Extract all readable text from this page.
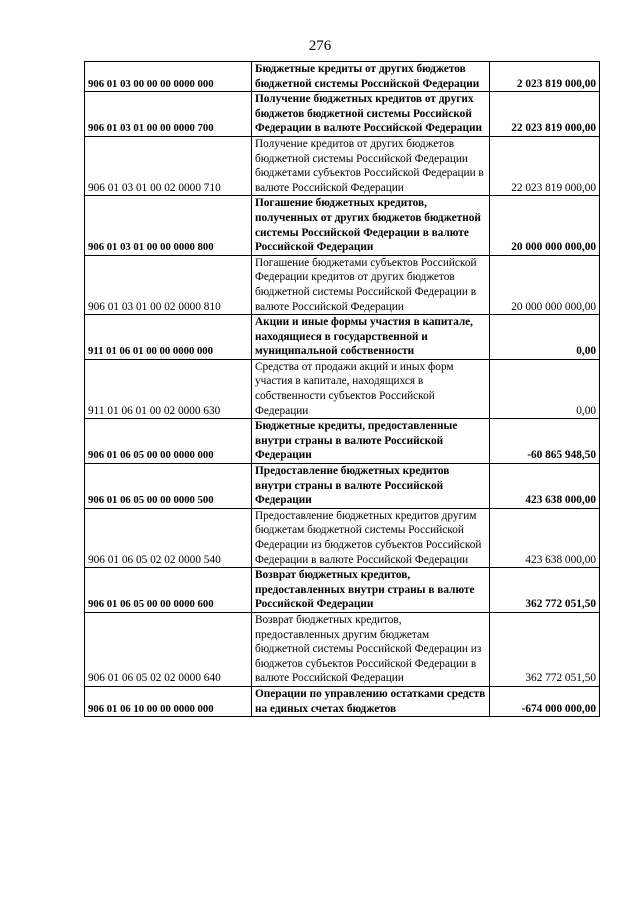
276
906 01 03 00 00 00 0000 000	Бюджетные кредиты от других бюджетов бюджетной системы Российской Федерации	2 023 819 000,00
906 01 03 01 00 00 0000 700	Получение бюджетных кредитов от других бюджетов бюджетной системы Российской Федерации в валюте Российской Федерации	22 023 819 000,00
906 01 03 01 00 02 0000 710	Получение кредитов от других бюджетов бюджетной системы Российской Федерации бюджетами субъектов Российской Федерации в валюте Российской Федерации	22 023 819 000,00
906 01 03 01 00 00 0000 800	Погашение бюджетных кредитов, полученных от других бюджетов бюджетной системы Российской Федерации в валюте Российской Федерации	20 000 000 000,00
906 01 03 01 00 02 0000 810	Погашение бюджетами субъектов Российской Федерации кредитов от других бюджетов бюджетной системы Российской Федерации в валюте Российской Федерации	20 000 000 000,00
911 01 06 01 00 00 0000 000	Акции и иные формы участия в капитале, находящиеся в государственной и муниципальной собственности	0,00
911 01 06 01 00 02 0000 630	Средства от продажи акций и иных форм участия в капитале, находящихся в собственности субъектов Российской Федерации	0,00
906 01 06 05 00 00 0000 000	Бюджетные кредиты, предоставленные внутри страны в валюте Российской Федерации	-60 865 948,50
906 01 06 05 00 00 0000 500	Предоставление бюджетных кредитов внутри страны в валюте Российской Федерации	423 638 000,00
906 01 06 05 02 02 0000 540	Предоставление бюджетных кредитов другим бюджетам бюджетной системы Российской Федерации из бюджетов субъектов Российской Федерации в валюте Российской Федерации	423 638 000,00
906 01 06 05 00 00 0000 600	Возврат бюджетных кредитов, предоставленных внутри страны в валюте Российской Федерации	362 772 051,50
906 01 06 05 02 02 0000 640	Возврат бюджетных кредитов, предоставленных другим бюджетам бюджетной системы Российской Федерации из бюджетов субъектов Российской Федерации в валюте Российской Федерации	362 772 051,50
906 01 06 10 00 00 0000 000	Операции по управлению остатками средств на единых счетах бюджетов	-674 000 000,00
